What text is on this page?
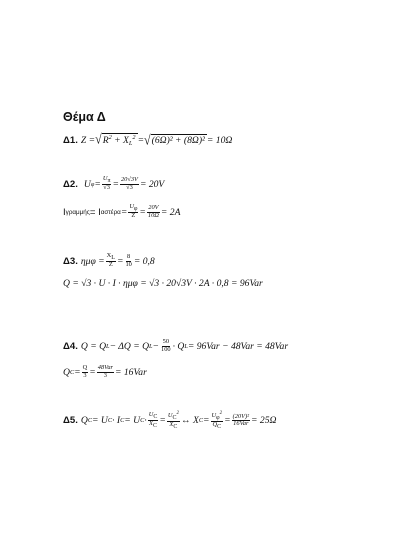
Θέμα Δ
Δ1. Z = √ $R^2 + X_L^2$ = √ (6Ω)² + (8Ω)² = 10Ω
Δ2. U $\varphi = \frac{U\pi}{√3} = \frac{20√3V}{√3} = 20V$
I γραμμής = I $\alpha\sigma\tau έ\rho\alpha = \frac{U\varphi}{Z} = \frac{20V}{10\Omega} = 2A$
Δ3. $\eta\mu\varphi = \frac{XL}{Z} = \frac{8}{10} = 0,8$
Q = √3 · U · I · ημφ = √3 · 20√3V · 2A · 0,8 = 96Var
Δ4. Q = Q L − ΔQ = Q $L - \frac{50}{100} \cdot Q$ L = 96Var − 48Var = 48Var
Q $C = \frac{Q}{3} = \frac{\text{48Var}}{3} = 16Var$
Δ5. Q C = U C · I C = U $C \cdot \frac{UC}{XC} = \frac{UC^2}{XC}$ ↔ X $C = \frac{U\varphi^2}{QC} = \frac{\text{(20V)²}}{\text{16Var}} = 25\Omega$
